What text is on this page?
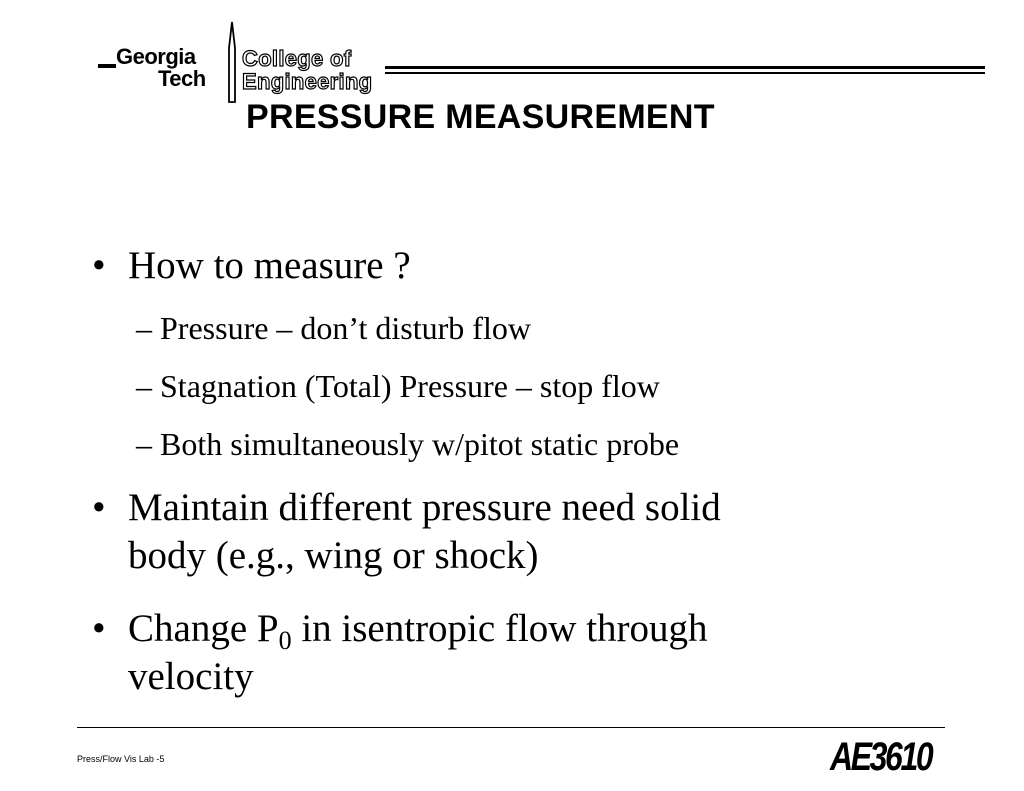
Georgia
Tech
College of
Engineering
PRESSURE MEASUREMENT
• How to measure ?
– Pressure – don’t disturb flow
– Stagnation (Total) Pressure – stop flow
– Both simultaneously w/pitot static probe
• Maintain different pressure need solid
body (e.g., wing or shock)
• Change $P_0$ in isentropic flow through
velocity
Press/Flow Vis Lab -5	AE3610
